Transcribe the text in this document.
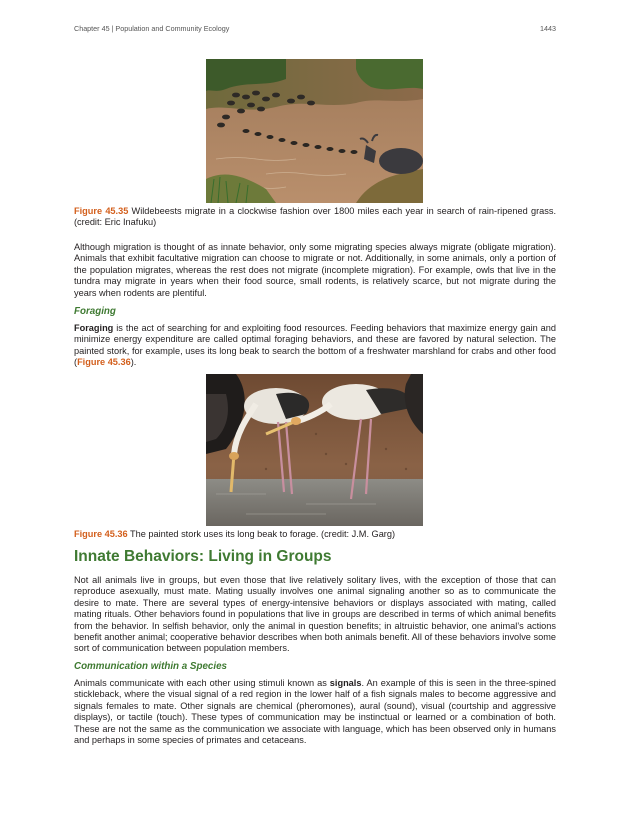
Chapter 45 | Population and Community Ecology	1443
Figure 45.35 Wildebeests migrate in a clockwise fashion over 1800 miles each year in search of rain-ripened grass. (credit: Eric Inafuku)
Although migration is thought of as innate behavior, only some migrating species always migrate (obligate migration). Animals that exhibit facultative migration can choose to migrate or not. Additionally, in some animals, only a portion of the population migrates, whereas the rest does not migrate (incomplete migration). For example, owls that live in the tundra may migrate in years when their food source, small rodents, is relatively scarce, but not migrate during the years when rodents are plentiful.
Foraging
Foraging is the act of searching for and exploiting food resources. Feeding behaviors that maximize energy gain and minimize energy expenditure are called optimal foraging behaviors, and these are favored by natural selection. The painted stork, for example, uses its long beak to search the bottom of a freshwater marshland for crabs and other food (Figure 45.36).
Figure 45.36 The painted stork uses its long beak to forage. (credit: J.M. Garg)
Innate Behaviors: Living in Groups
Not all animals live in groups, but even those that live relatively solitary lives, with the exception of those that can reproduce asexually, must mate. Mating usually involves one animal signaling another so as to communicate the desire to mate. There are several types of energy-intensive behaviors or displays associated with mating, called mating rituals. Other behaviors found in populations that live in groups are described in terms of which animal benefits from the behavior. In selfish behavior, only the animal in question benefits; in altruistic behavior, one animal’s actions benefit another animal; cooperative behavior describes when both animals benefit. All of these behaviors involve some sort of communication between population members.
Communication within a Species
Animals communicate with each other using stimuli known as signals. An example of this is seen in the three-spined stickleback, where the visual signal of a red region in the lower half of a fish signals males to become aggressive and signals females to mate. Other signals are chemical (pheromones), aural (sound), visual (courtship and aggressive displays), or tactile (touch). These types of communication may be instinctual or learned or a combination of both. These are not the same as the communication we associate with language, which has been observed only in humans and perhaps in some species of primates and cetaceans.
